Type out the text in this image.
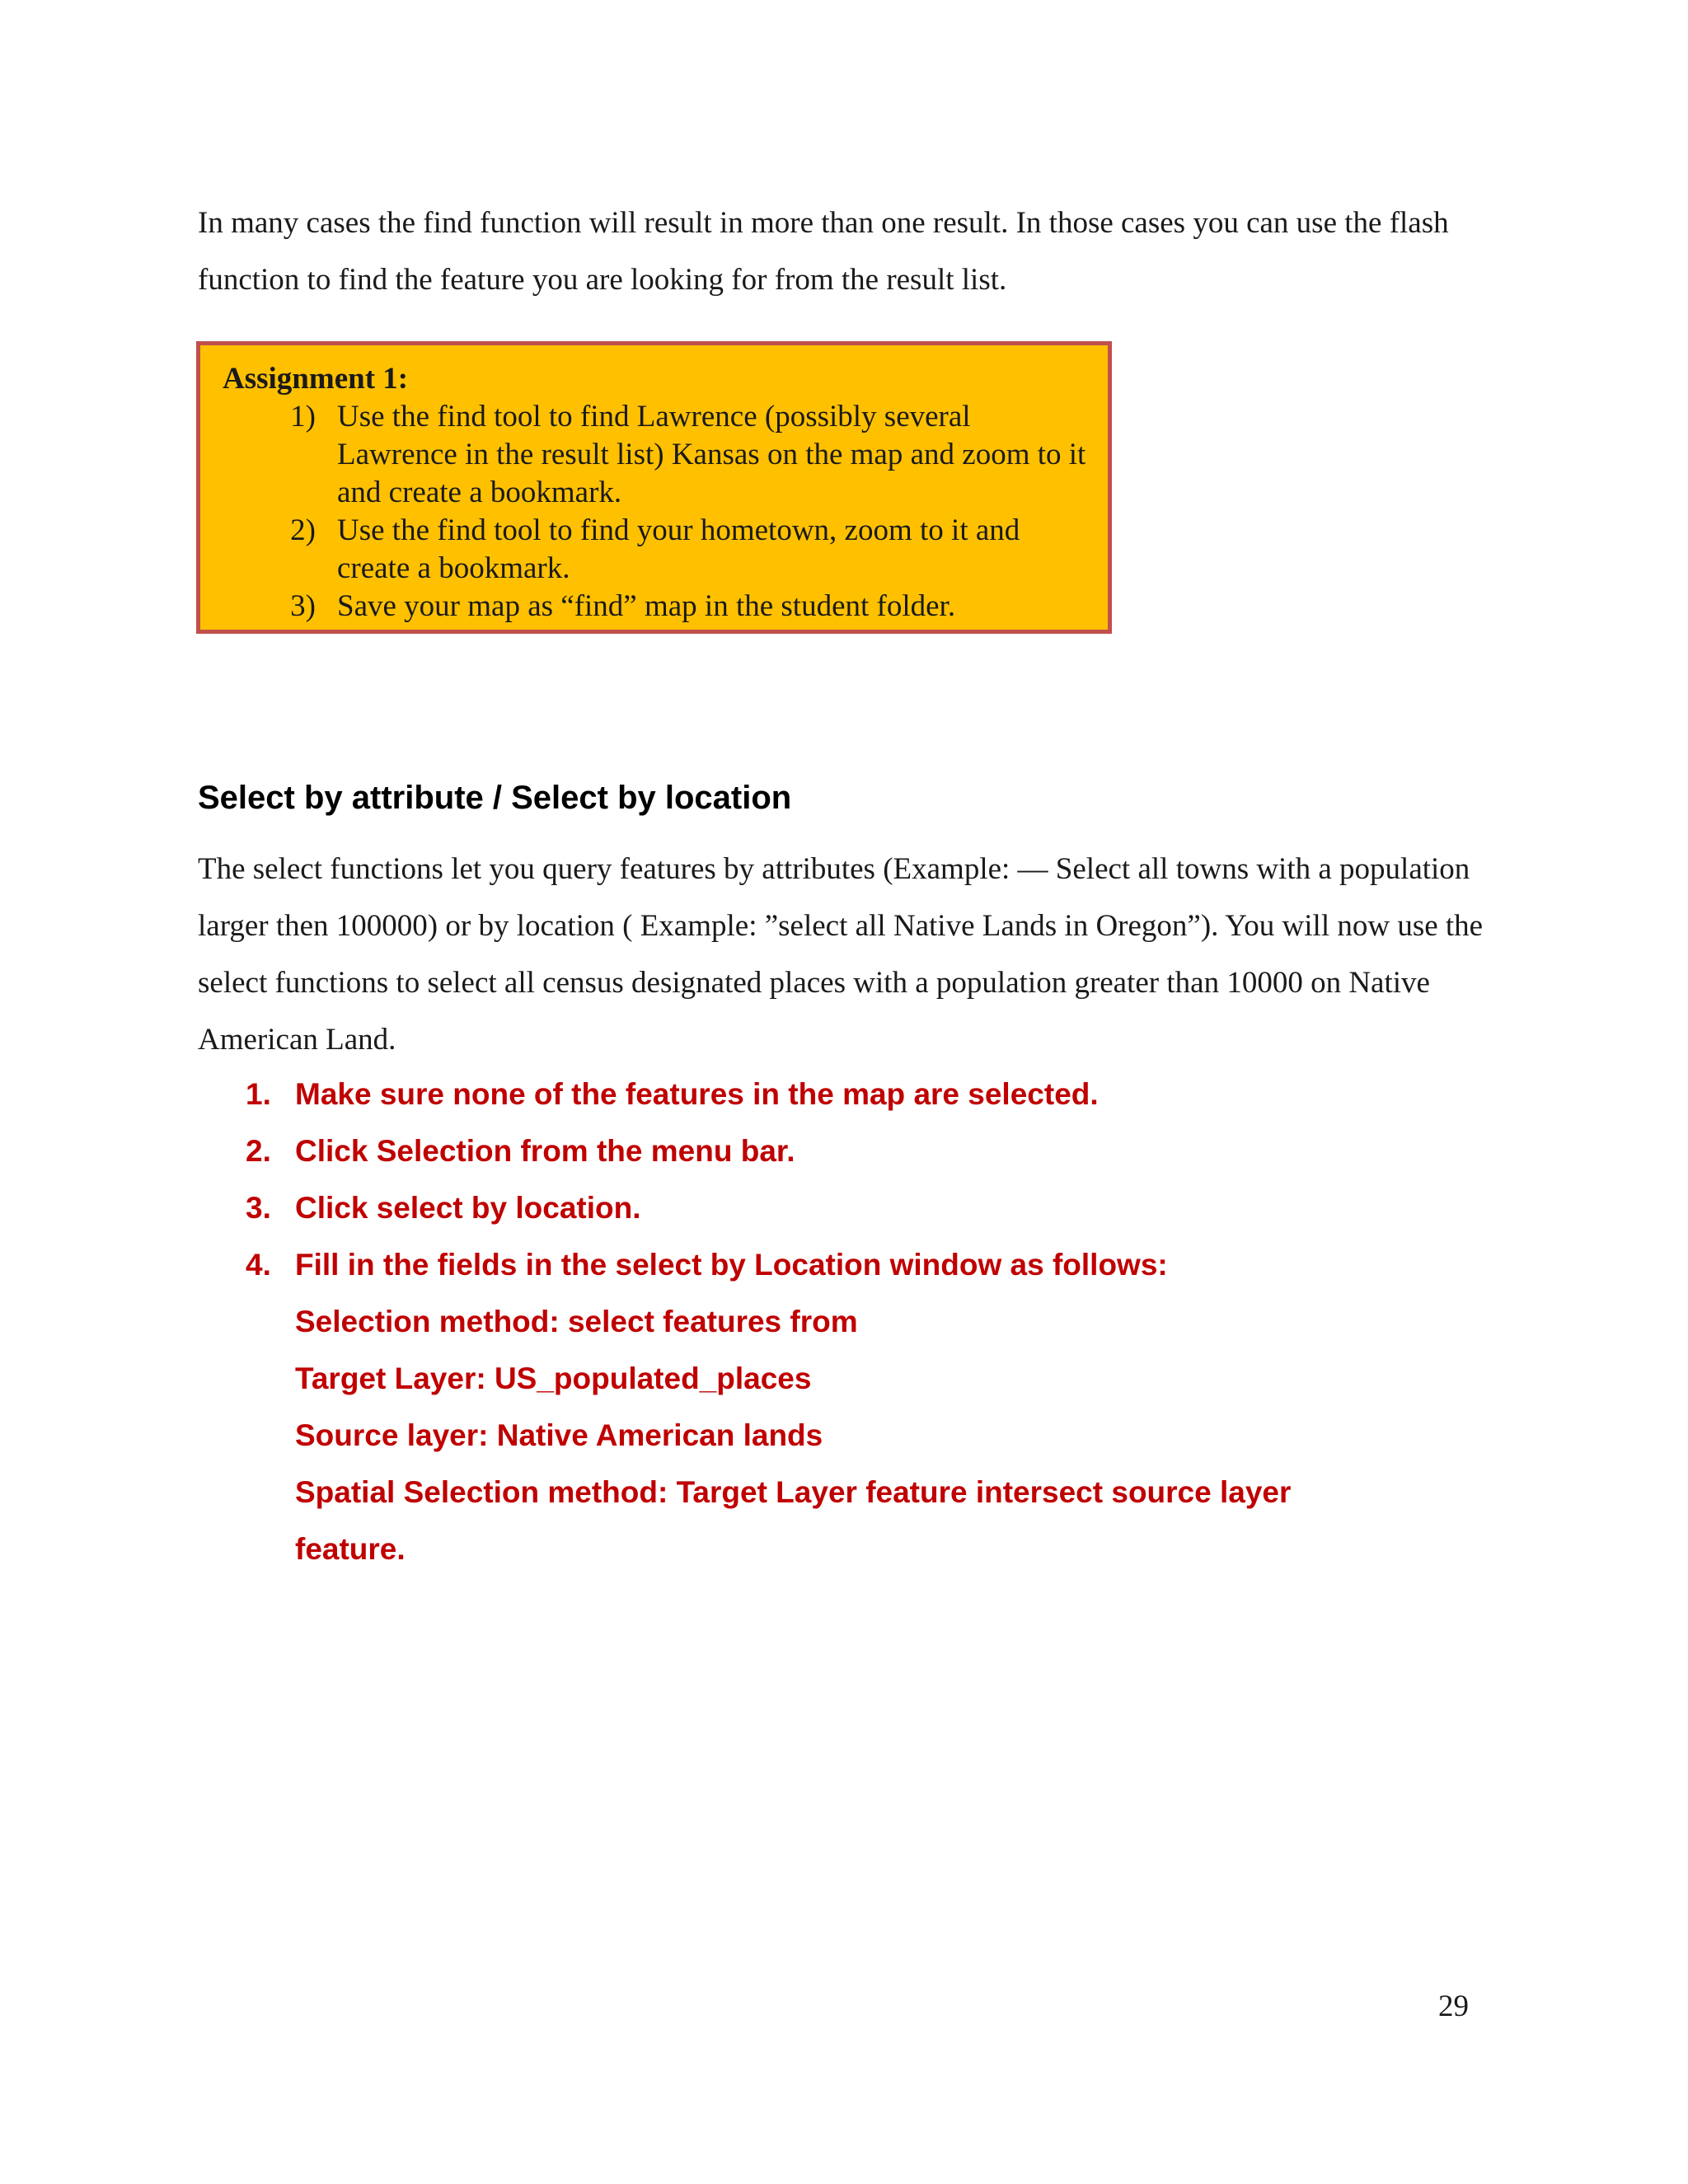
In many cases the find function will result in more than one result. In those cases you can use the flash function to find the feature you are looking for from the result list.

Assignment 1:

1) Use the find tool to find Lawrence (possibly several Lawrence in the result list) Kansas on the map and zoom to it and create a bookmark.
2) Use the find tool to find your hometown, zoom to it and create a bookmark.
3) Save your map as “find” map in the student folder.
Select by attribute / Select by location

The select functions let you query features by attributes (Example: ― Select all towns with a population larger then 100000) or by location ( Example: ”select all Native Lands in Oregon”). You will now use the select functions to select all census designated places with a population greater than 10000 on Native American Land.

1. Make sure none of the features in the map are selected.
2. Click Selection from the menu bar.
3. Click select by location.
4. Fill in the fields in the select by Location window as follows:
Selection method: select features from
Target Layer: US_populated_places
Source layer: Native American lands
Spatial Selection method: Target Layer feature intersect source layer
feature.

29
